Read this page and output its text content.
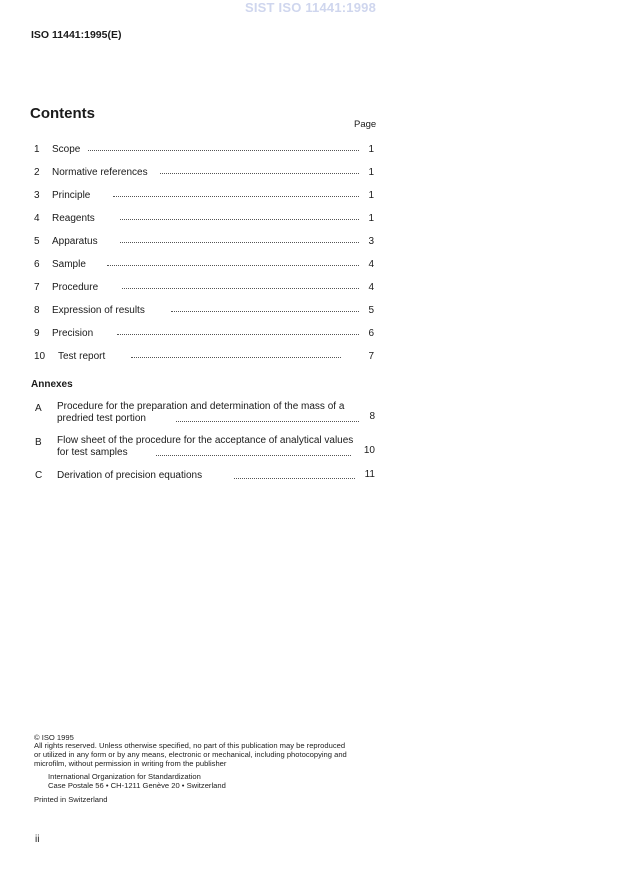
SIST ISO 11441:1998
ISO 11441:1995(E)
Contents
Page
1 Scope	1
2 Normative references	1
3 Principle	1
4 Reagents	1
5 Apparatus	3
6 Sample	4
7 Procedure	4
8 Expression of results	5
9 Precision	6
10 Test report	7
Annexes
A Procedure for the preparation and determination of the mass of a
predried test portion	8
B Flow sheet of the procedure for the acceptance of analytical values
for test samples	10
C Derivation of precision equations	11
© ISO 1995
All rights reserved. Unless otherwise specified, no part of this publication may be reproduced
or utilized in any form or by any means, electronic or mechanical, including photocopying and
microfilm, without permission in writing from the publisher
International Organization for Standardization
Case Postale 56 • CH-1211 Genève 20 • Switzerland
Printed in Switzerland
ii
